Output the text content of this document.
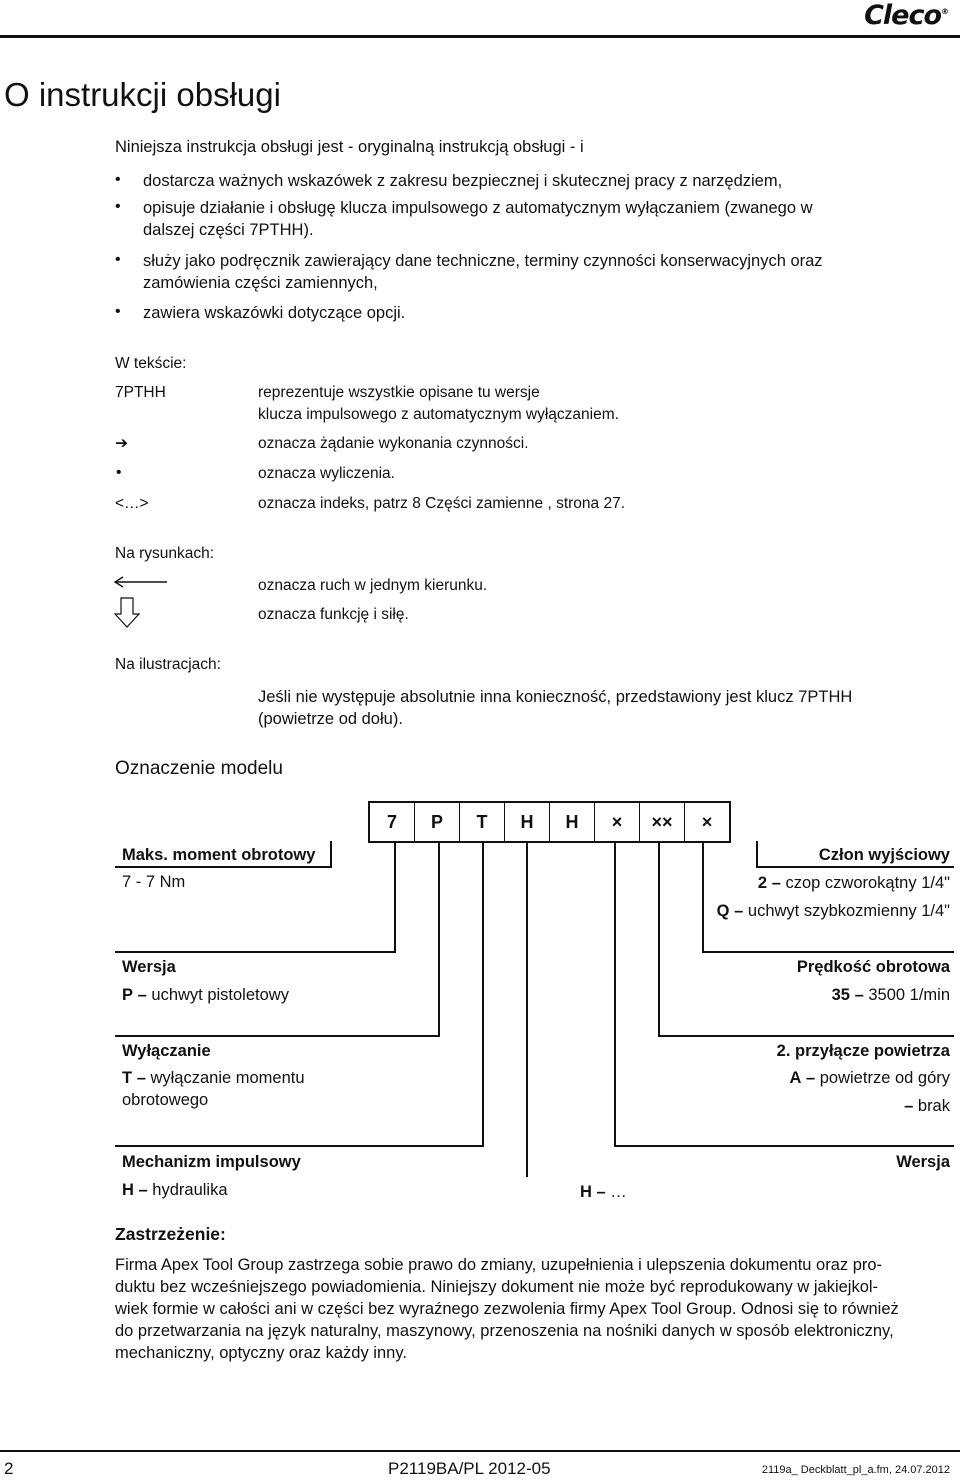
Cleco®
O instrukcji obsługi
Niniejsza instrukcja obsługi jest - oryginalną instrukcją obsługi - i
• dostarcza ważnych wskazówek z zakresu bezpiecznej i skutecznej pracy z narzędziem,
• opisuje działanie i obsługę klucza impulsowego z automatycznym wyłączaniem (zwanego w
dalszej części 7PTHH).
• służy jako podręcznik zawierający dane techniczne, terminy czynności konserwacyjnych oraz
zamówienia części zamiennych,
• zawiera wskazówki dotyczące opcji.
W tekście:
7PTHH	reprezentuje wszystkie opisane tu wersje
klucza impulsowego z automatycznym wyłączaniem.
➔	oznacza żądanie wykonania czynności.
•	oznacza wyliczenia.
<…>	oznacza indeks, patrz 8 Części zamienne , strona 27.
Na rysunkach:
oznacza ruch w jednym kierunku.
oznacza funkcję i siłę.
Na ilustracjach:
Jeśli nie występuje absolutnie inna konieczność, przedstawiony jest klucz 7PTHH
(powietrze od dołu).
Oznaczenie modelu
7	P	T	H	H	×	××	×
Maks. moment obrotowy
7 - 7 Nm
Wersja
P – uchwyt pistoletowy
Wyłączanie
T – wyłączanie momentu
obrotowego
Mechanizm impulsowy
H – hydraulika	H – …
Człon wyjściowy
2 – czop czworokątny 1/4"
Q – uchwyt szybkozmienny 1/4"
Prędkość obrotowa
35 – 3500 1/min
2. przyłącze powietrza
A – powietrze od góry
– brak
Wersja
Zastrzeżenie:
Firma Apex Tool Group zastrzega sobie prawo do zmiany, uzupełnienia i ulepszenia dokumentu oraz pro-
duktu bez wcześniejszego powiadomienia. Niniejszy dokument nie może być reprodukowany w jakiejkol-
wiek formie w całości ani w części bez wyraźnego zezwolenia firmy Apex Tool Group. Odnosi się to również
do przetwarzania na język naturalny, maszynowy, przenoszenia na nośniki danych w sposób elektroniczny,
mechaniczny, optyczny oraz każdy inny.
2	P2119BA/PL 2012-05	2119a_ Deckblatt_pl_a.fm, 24.07.2012
